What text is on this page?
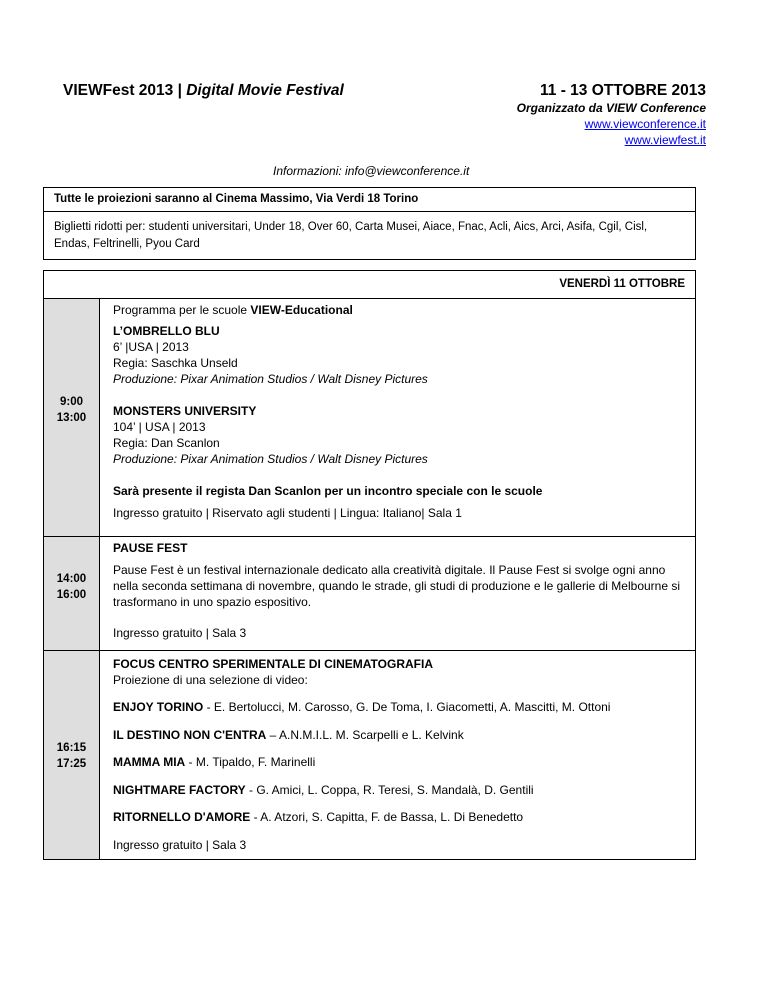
VIEWFest 2013 | Digital Movie Festival	11 - 13 OTTOBRE 2013
Organizzato da VIEW Conference
www.viewconference.it
www.viewfest.it
Informazioni: info@viewconference.it
Tutte le proiezioni saranno al Cinema Massimo, Via Verdi 18 Torino
Biglietti ridotti per: studenti universitari, Under 18, Over 60, Carta Musei, Aiace, Fnac, Acli, Aics, Arci, Asifa, Cgil, Cisl, Endas, Feltrinelli, Pyou Card
VENERDÌ 11 OTTOBRE
9:00
13:00
Programma per le scuole VIEW-Educational
L’OMBRELLO BLU
6’ |USA | 2013
Regia: Saschka Unseld
Produzione: Pixar Animation Studios / Walt Disney Pictures
MONSTERS UNIVERSITY
104’ | USA | 2013
Regia: Dan Scanlon
Produzione: Pixar Animation Studios / Walt Disney Pictures
Sarà presente il regista Dan Scanlon per un incontro speciale con le scuole
Ingresso gratuito | Riservato agli studenti | Lingua: Italiano| Sala 1
14:00
16:00
PAUSE FEST
Pause Fest è un festival internazionale dedicato alla creatività digitale. Il Pause Fest si svolge ogni anno nella seconda settimana di novembre, quando le strade, gli studi di produzione e le gallerie di Melbourne si trasformano in uno spazio espositivo.
Ingresso gratuito | Sala 3
16:15
17:25
FOCUS CENTRO SPERIMENTALE DI CINEMATOGRAFIA
Proiezione di una selezione di video:
ENJOY TORINO - E. Bertolucci, M. Carosso, G. De Toma, I. Giacometti, A. Mascitti, M. Ottoni
IL DESTINO NON C'ENTRA – A.N.M.I.L. M. Scarpelli e L. Kelvink
MAMMA MIA - M. Tipaldo, F. Marinelli
NIGHTMARE FACTORY - G. Amici, L. Coppa, R. Teresi, S. Mandalà, D. Gentili
RITORNELLO D'AMORE - A. Atzori, S. Capitta, F. de Bassa, L. Di Benedetto
Ingresso gratuito | Sala 3
